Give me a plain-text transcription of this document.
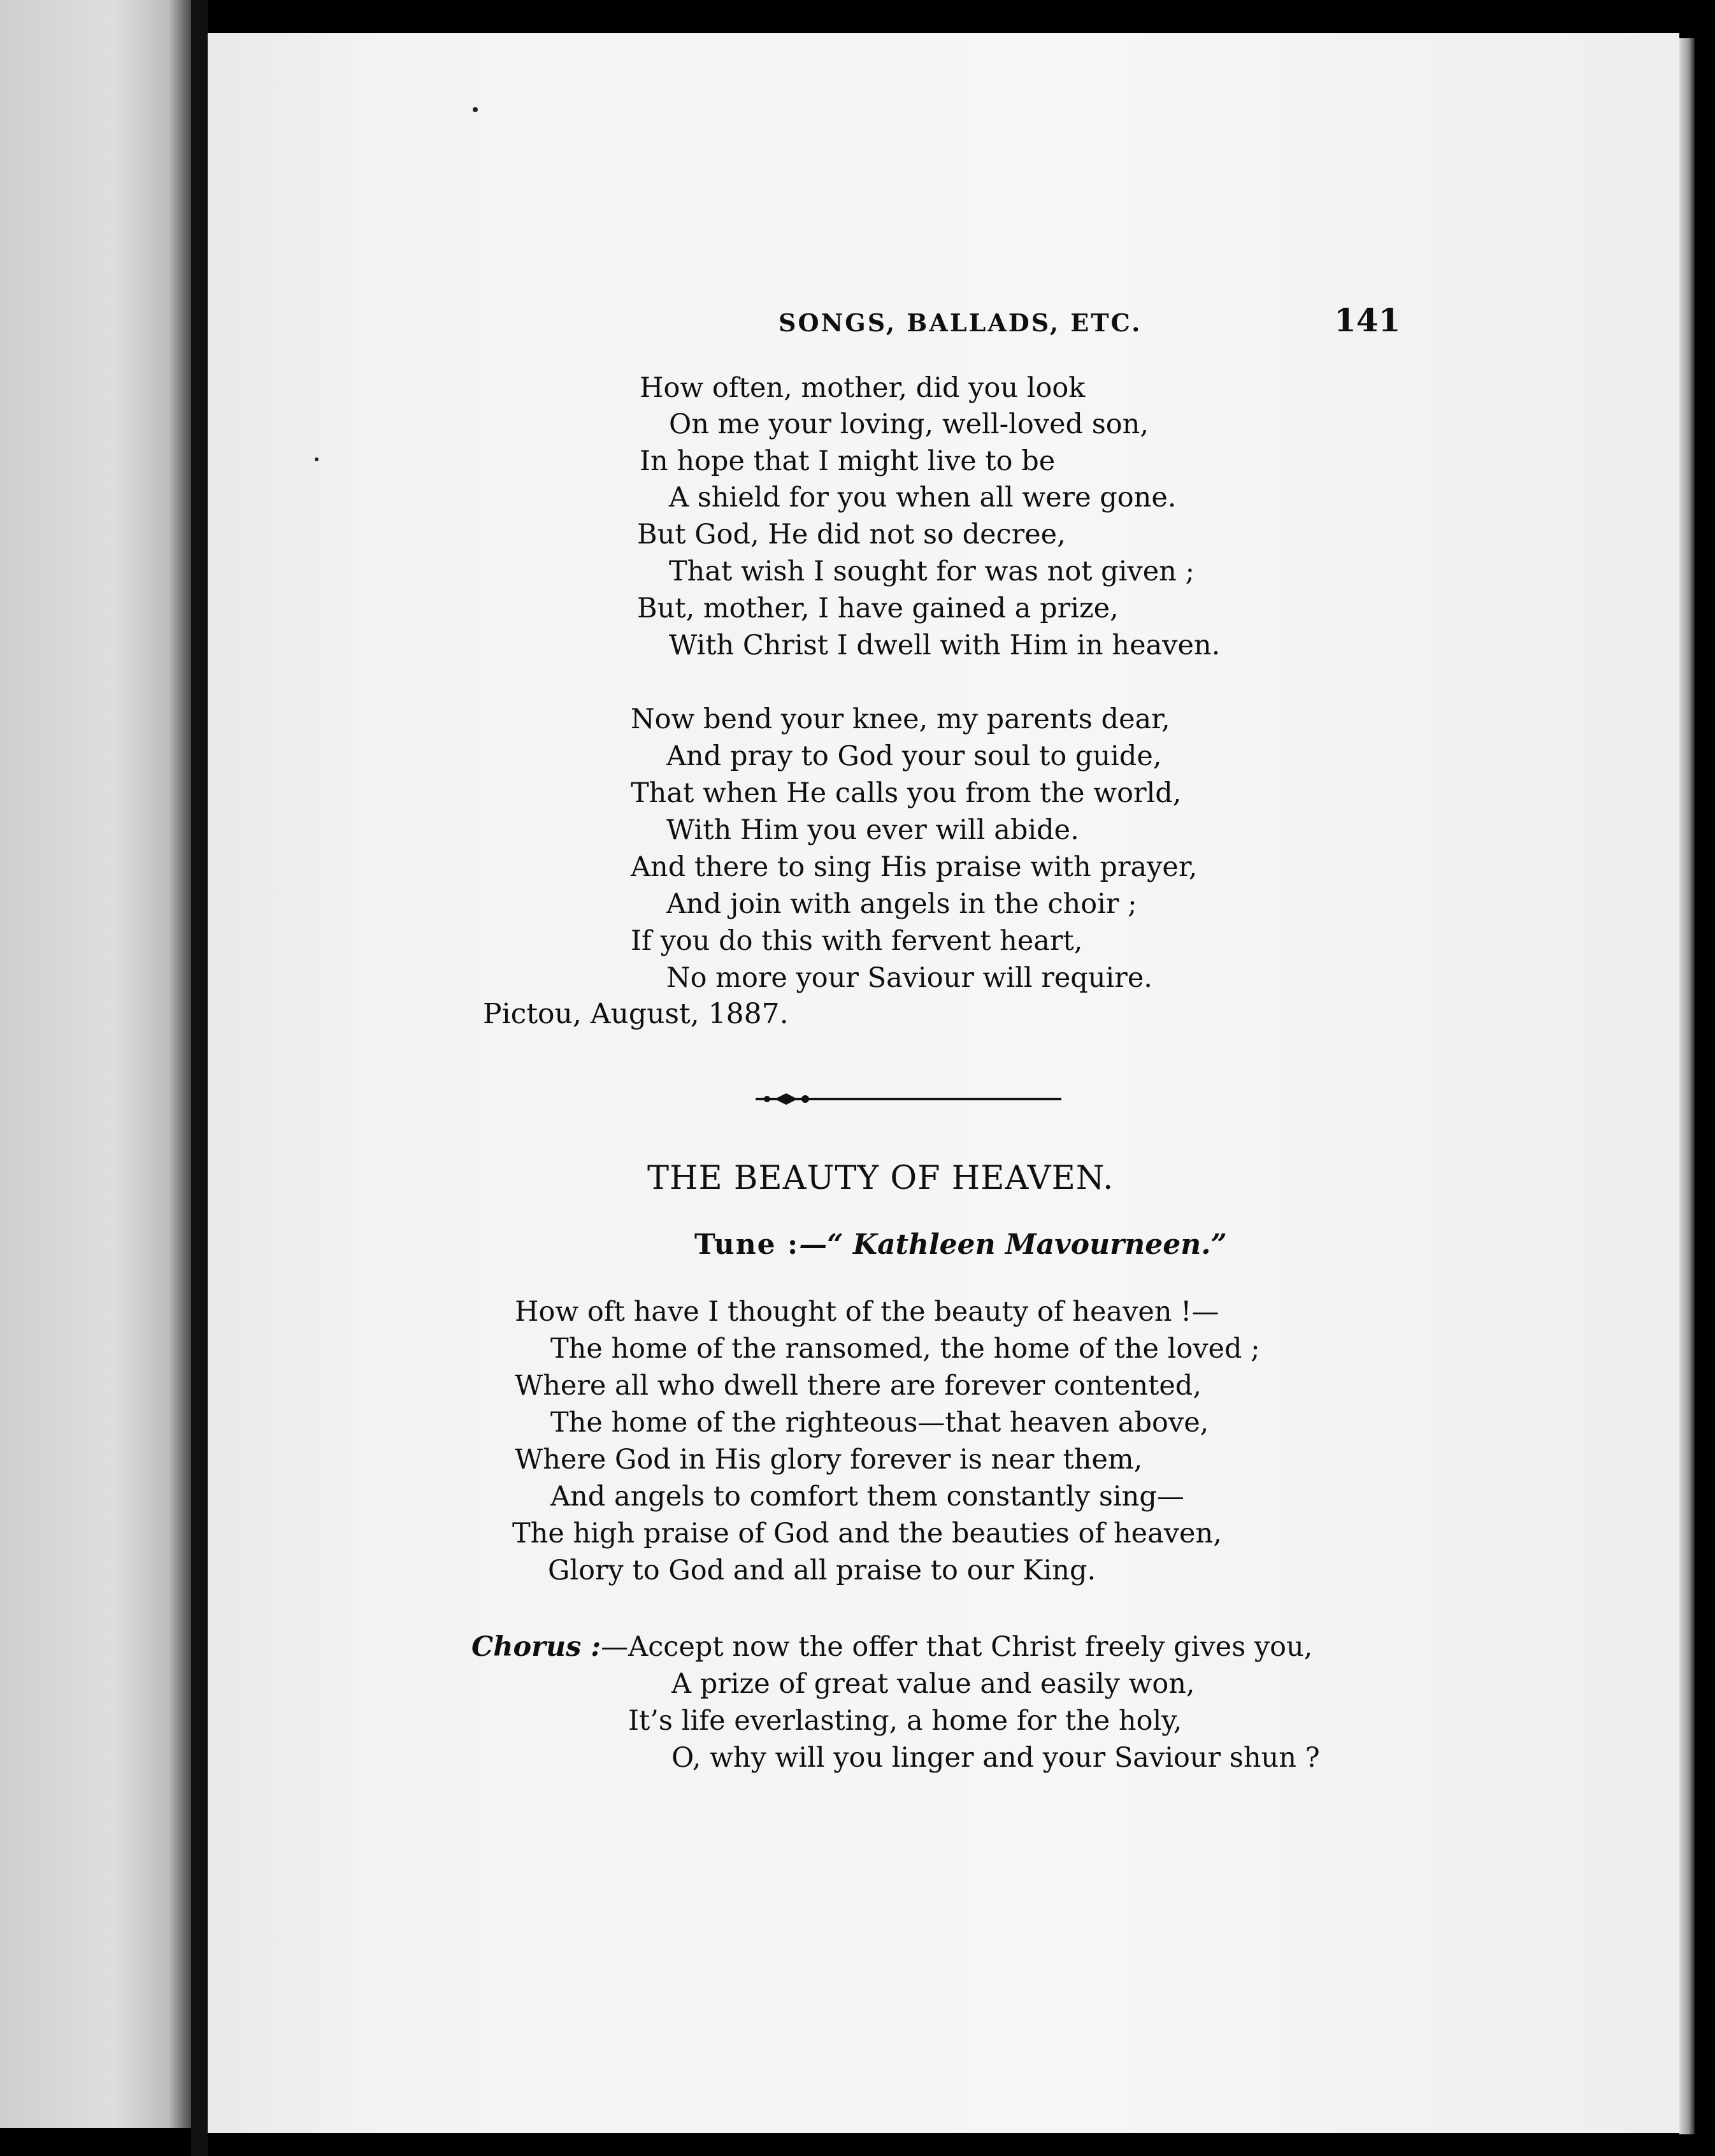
SONGS, BALLADS, ETC.	141
How often, mother, did you look
On me your loving, well-loved son,
In hope that I might live to be
A shield for you when all were gone.
But God, He did not so decree,
That wish I sought for was not given ;
But, mother, I have gained a prize,
With Christ I dwell with Him in heaven.
Now bend your knee, my parents dear,
And pray to God your soul to guide,
That when He calls you from the world,
With Him you ever will abide.
And there to sing His praise with prayer,
And join with angels in the choir ;
If you do this with fervent heart,
No more your Saviour will require.
Pictou, August, 1887.
THE BEAUTY OF HEAVEN.
Tune :—“ Kathleen Mavourneen.”
How oft have I thought of the beauty of heaven !—
The home of the ransomed, the home of the loved ;
Where all who dwell there are forever contented,
The home of the righteous—that heaven above,
Where God in His glory forever is near them,
And angels to comfort them constantly sing—
The high praise of God and the beauties of heaven,
Glory to God and all praise to our King.
Chorus :—Accept now the offer that Christ freely gives you,
A prize of great value and easily won,
It’s life everlasting, a home for the holy,
O, why will you linger and your Saviour shun ?
